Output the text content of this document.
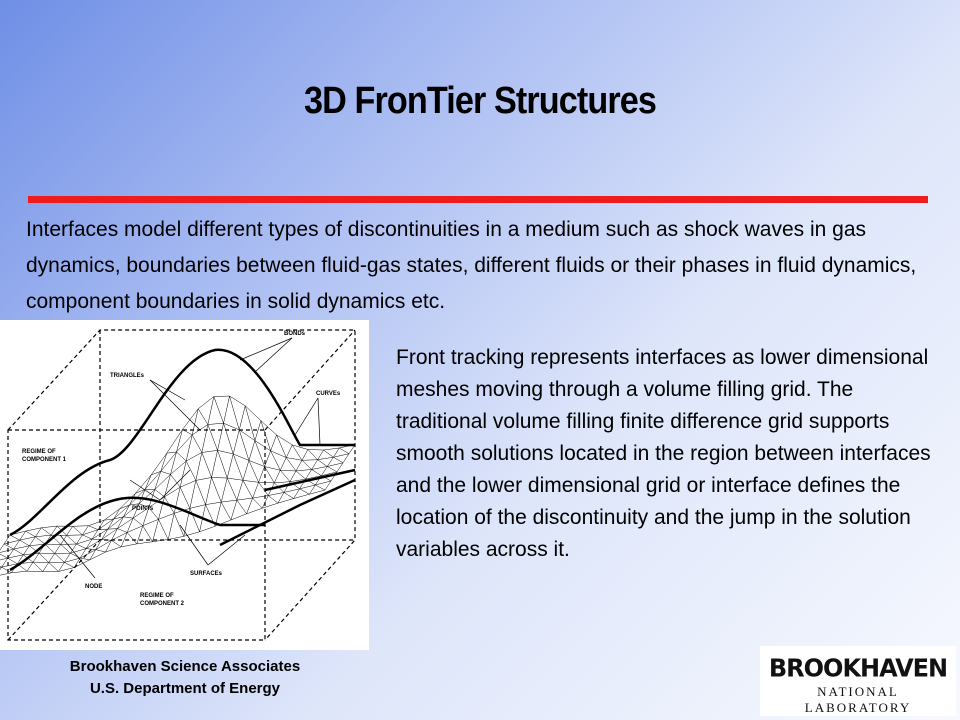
3D FronTier Structures
Interfaces model different types of discontinuities in a medium such as shock waves in gas dynamics, boundaries between fluid-gas states, different fluids or their phases in fluid dynamics, component boundaries in solid dynamics etc.
BONDs
TRIANGLEs
CURVEs
REGIME OF
COMPONENT 1
POINTs
SURFACEs
NODE
REGIME OF
COMPONENT 2
Front tracking represents interfaces as lower dimensional meshes moving through a volume filling grid. The traditional volume filling finite difference grid supports smooth solutions located in the region between interfaces and the lower dimensional grid or interface defines the location of the discontinuity and the jump in the solution variables across it.
Brookhaven Science Associates
U.S. Department of Energy
BROOKHAVEN
NATIONAL LABORATORY
